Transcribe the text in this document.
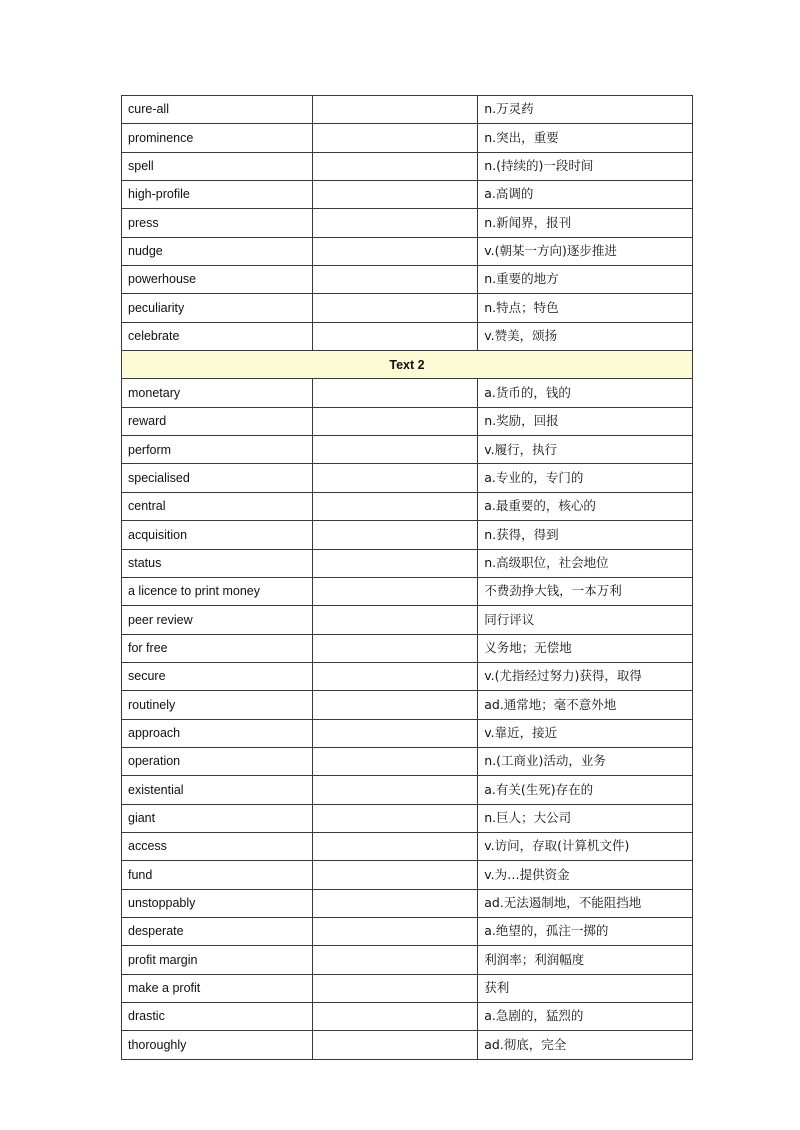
cure-all		n.万灵药
prominence		n.突出，重要
spell		n.(持续的)一段时间
high-profile		a.高调的
press		n.新闻界，报刊
nudge		v.(朝某一方向)逐步推进
powerhouse		n.重要的地方
peculiarity		n.特点；特色
celebrate		v.赞美，颂扬
Text 2		
monetary		a.货币的，钱的
reward		n.奖励，回报
perform		v.履行，执行
specialised		a.专业的，专门的
central		a.最重要的，核心的
acquisition		n.获得，得到
status		n.高级职位，社会地位
a licence to print money		不费劲挣大钱，一本万利
peer review		同行评议
for free		义务地；无偿地
secure		v.(尤指经过努力)获得，取得
routinely		ad.通常地；毫不意外地
approach		v.靠近，接近
operation		n.(工商业)活动，业务
existential		a.有关(生死)存在的
giant		n.巨人；大公司
access		v.访问，存取(计算机文件)
fund		v.为…提供资金
unstoppably		ad.无法遏制地，不能阻挡地
desperate		a.绝望的，孤注一掷的
profit margin		利润率；利润幅度
make a profit		获利
drastic		a.急剧的，猛烈的
thoroughly		ad.彻底，完全
